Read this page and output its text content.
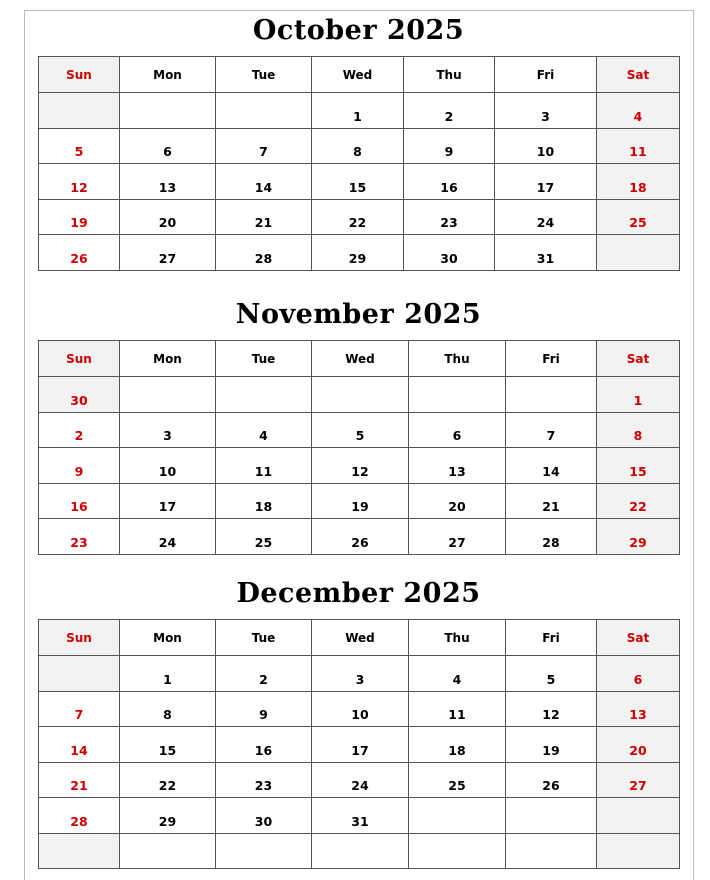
October 2025
Sun	Mon	Tue	Wed	Thu	Fri	Sat
			1	2	3	4
5	6	7	8	9	10	11
12	13	14	15	16	17	18
19	20	21	22	23	24	25
26	27	28	29	30	31	
November 2025
Sun	Mon	Tue	Wed	Thu	Fri	Sat
30						1
2	3	4	5	6	7	8
9	10	11	12	13	14	15
16	17	18	19	20	21	22
23	24	25	26	27	28	29
December 2025
Sun	Mon	Tue	Wed	Thu	Fri	Sat
	1	2	3	4	5	6
7	8	9	10	11	12	13
14	15	16	17	18	19	20
21	22	23	24	25	26	27
28	29	30	31			
